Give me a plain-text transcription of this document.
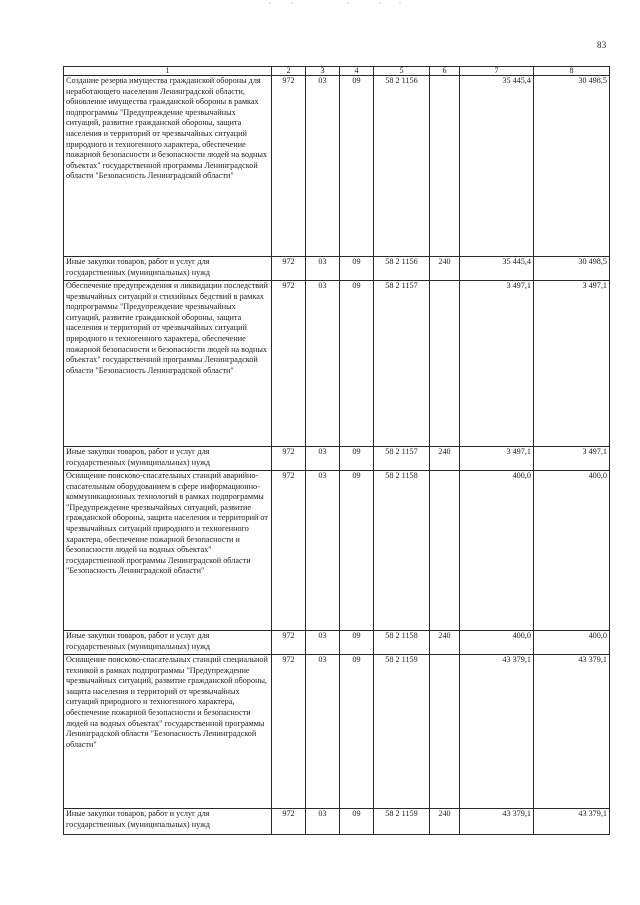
83
1	2	3	4	5	6	7	8
Создание резерва имущества гражданской обороны для неработающего населения Ленинградской области, обновление имущества гражданской обороны в рамках подпрограммы "Предупреждение чрезвычайных ситуаций, развитие гражданской обороны, защита населения и территорий от чрезвычайных ситуаций природного и техногенного характера, обеспечение пожарной безопасности и безопасности людей на водных объектах" государственной программы Ленинградской области "Безопасность Ленинградской области"	972	03	09	58 2 1156		35 445,4	30 498,5
Иные закупки товаров, работ и услуг для государственных (муниципальных) нужд	972	03	09	58 2 1156	240	35 445,4	30 498,5
Обеспечение предупреждения и ликвидации последствий чрезвычайных ситуаций и стихийных бедствий в рамках подпрограммы "Предупреждение чрезвычайных ситуаций, развитие гражданской обороны, защита населения и территорий от чрезвычайных ситуаций природного и техногенного характера, обеспечение пожарной безопасности и безопасности людей на водных объектах" государственной программы Ленинградской области "Безопасность Ленинградской области"	972	03	09	58 2 1157		3 497,1	3 497,1
Иные закупки товаров, работ и услуг для государственных (муниципальных) нужд	972	03	09	58 2 1157	240	3 497,1	3 497,1
Оснащение поисково-спасательных станций аварийно-спасательным оборудованием в сфере информационно-коммуникационных технологий в рамках подпрограммы "Предупреждение чрезвычайных ситуаций, развитие гражданской обороны, защита населения и территорий от чрезвычайных ситуаций природного и техногенного характера, обеспечение пожарной безопасности и безопасности людей на водных объектах" государственной программы Ленинградской области "Безопасность Ленинградской области"	972	03	09	58 2 1158		400,0	400,0
Иные закупки товаров, работ и услуг для государственных (муниципальных) нужд	972	03	09	58 2 1158	240	400,0	400,0
Оснащение поисково-спасательных станций специальной техникой в рамках подпрограммы "Предупреждение чрезвычайных ситуаций, развитие гражданской обороны, защита населения и территорий от чрезвычайных ситуаций природного и техногенного характера, обеспечение пожарной безопасности и безопасности людей на водных объектах" государственной программы Ленинградской области "Безопасность Ленинградской области"	972	03	09	58 2 1159		43 379,1	43 379,1
Иные закупки товаров, работ и услуг для государственных (муниципальных) нужд	972	03	09	58 2 1159	240	43 379,1	43 379,1
